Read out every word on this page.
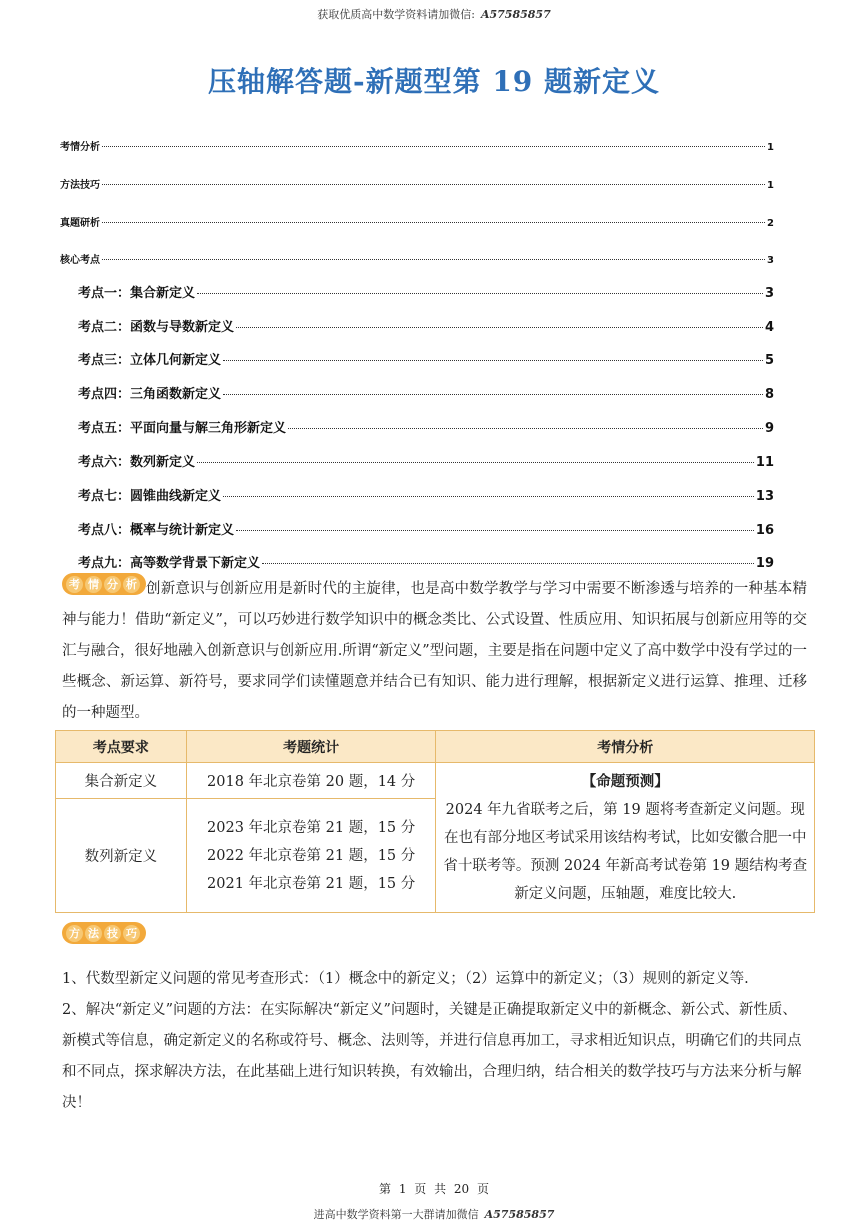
获取优质高中数学资料请加微信: A57585857
压轴解答题-新题型第 19 题新定义
考情分析	1
方法技巧	1
真题研析	2
核心考点	3
考点一：集合新定义	3
考点二：函数与导数新定义	4
考点三：立体几何新定义	5
考点四：三角函数新定义	8
考点五：平面向量与解三角形新定义	9
考点六：数列新定义	11
考点七：圆锥曲线新定义	13
考点八：概率与统计新定义	16
考点九：高等数学背景下新定义	19
考 情 分 析 创新意识与创新应用是新时代的主旋律，也是高中数学教学与学习中需要不断渗透与培养的一种基本精神与能力！借助“新定义”，可以巧妙进行数学知识中的概念类比、公式设置、性质应用、知识拓展与创新应用等的交汇与融合，很好地融入创新意识与创新应用.所谓“新定义”型问题，主要是指在问题中定义了高中数学中没有学过的一些概念、新运算、新符号，要求同学们读懂题意并结合已有知识、能力进行理解，根据新定义进行运算、推理、迁移的一种题型。
考点要求	考题统计	考情分析
集合新定义	2018 年北京卷第 20 题，14 分	【命题预测】
2024 年九省联考之后，第 19 题将考查新定义问题。现在也有部分地区考试采用该结构考试，比如安徽合肥一中省十联考等。预测 2024 年新高考试卷第 19 题结构考查新定义问题，压轴题，难度比较大.

数列新定义	2023 年北京卷第 21 题，15 分
2022 年北京卷第 21 题，15 分
2021 年北京卷第 21 题，15 分	
方 法 技 巧
1、代数型新定义问题的常见考查形式：（1）概念中的新定义；（2）运算中的新定义；（3）规则的新定义等.
2、解决“新定义”问题的方法：在实际解决“新定义”问题时，关键是正确提取新定义中的新概念、新公式、新性质、新模式等信息，确定新定义的名称或符号、概念、法则等，并进行信息再加工，寻求相近知识点，明确它们的共同点和不同点，探求解决方法，在此基础上进行知识转换，有效输出，合理归纳，结合相关的数学技巧与方法来分析与解决！
第 1 页 共 20 页
进高中数学资料第一大群请加微信 A57585857
